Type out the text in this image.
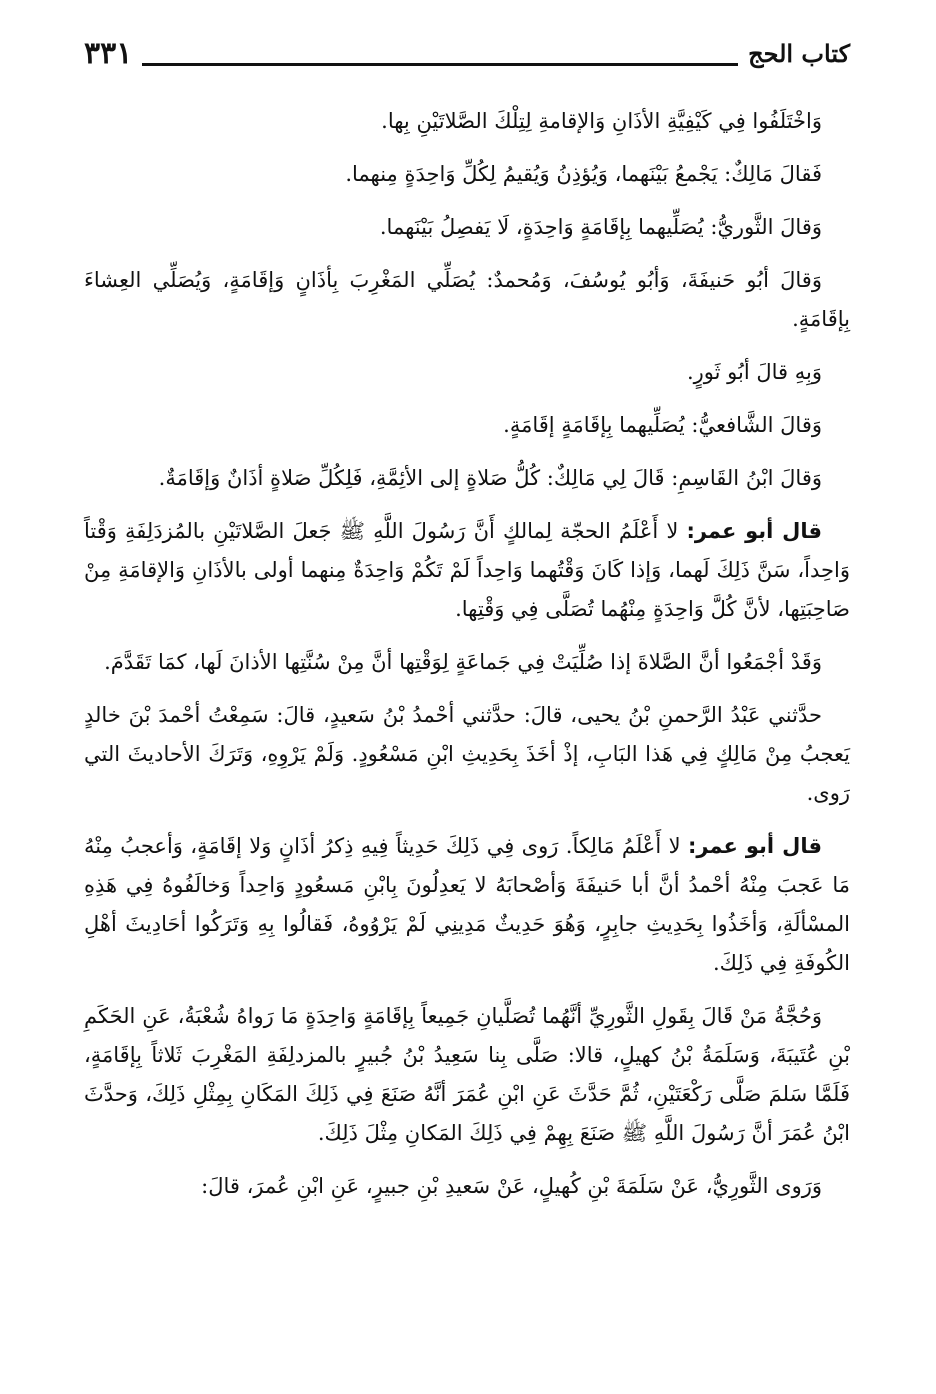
كتاب الحج
٣٣١

وَاخْتَلَفُوا فِي كَيْفِيَّةِ الأذَانِ وَالإقامةِ لِتِلْكَ الصَّلاتَيْنِ بِها.

فَقالَ مَالِكٌ: يَجْمعُ بَيْنَهما، وَيُؤذِنُ وَيُقيمُ لِكُلِّ وَاحِدَةٍ مِنهما.

وَقالَ الثَّوريُّ: يُصَلِّيهما بِإقَامَةٍ وَاحِدَةٍ، لَا يَفصِلُ بَيْنَهما.

وَقالَ أبُو حَنيفَةَ، وَأبُو يُوسُفَ، وَمُحمدٌ: يُصَلِّي المَغْرِبَ بِأذَانٍ وَإقَامَةٍ، وَيُصَلِّي العِشاءَ بِإقَامَةٍ.

وَبِهِ قالَ أبُو ثَورٍ.

وَقالَ الشَّافعيُّ: يُصَلِّيهما بِإقَامَةٍ إقَامَةٍ.

وَقالَ ابْنُ القَاسِمِ: قَالَ لِي مَالِكٌ: كُلُّ صَلاةٍ إلى الأئِمَّةِ، فَلِكُلِّ صَلاةٍ أذَانٌ وَإقَامَةٌ.

قال أبو عمر: لا أَعْلَمُ الحجّة لِمالكٍ أَنَّ رَسُولَ اللَّهِ ﷺ جَعلَ الصَّلاتَيْنِ بالمُزدَلِفَةِ وَقْتاً وَاحِداً، سَنَّ ذَلِكَ لَهما، وَإذا كَانَ وَقْتُهما وَاحِداً لَمْ تَكُمْ وَاحِدَةٌ مِنهما أولى بالأذَانِ وَالإقامَةِ مِنْ صَاحِبَتِها، لأنَّ كُلَّ وَاحِدَةٍ مِنْهُما تُصَلَّى فِي وَقْتِها.

وَقَدْ أجْمَعُوا أنَّ الصَّلاةَ إذا صُلِّيَتْ فِي جَماعَةٍ لِوَقْتِها أنَّ مِنْ سُنَّتِها الأذانَ لَها، كمَا تَقَدَّمَ.

حدَّثني عَبْدُ الرَّحمنِ بْنُ يحيى، قالَ: حدَّثني أحْمدُ بْنُ سَعيدٍ، قالَ: سَمِعْتُ أحْمدَ بْنَ خالدٍ يَعجبُ مِنْ مَالِكٍ فِي هَذا البَابِ، إذْ أخَذَ بِحَدِيثِ ابْنِ مَسْعُودٍ. وَلَمْ يَرْوِهِ، وَتَرَكَ الأحاديثَ التي رَوى.

قال أبو عمر: لا أَعْلَمُ مَالِكاً. رَوى فِي ذَلِكَ حَدِيثاً فِيهِ ذِكرُ أذَانٍ وَلا إقَامَةٍ، وَأعجبُ مِنْهُ مَا عَجبَ مِنْهُ أحْمدُ أنَّ أبا حَنيفَةَ وَأصْحابَهُ لا يَعدِلُونَ بِابْنِ مَسعُودٍ وَاحِداً وَخالَفُوهُ فِي هَذِهِ المسْألَةِ، وَأخَذُوا بِحَدِيثِ جابِرٍ، وَهُوَ حَدِيثٌ مَدِينِي لَمْ يَرْوُوهُ، فَقالُوا بِهِ وَتَرَكُوا أحَادِيثَ أهْلِ الكُوفَةِ فِي ذَلِكَ.

وَحُجَّةُ مَنْ قَالَ بِقَولِ الثَّورِيِّ أنَّهُما تُصَلَّيانِ جَمِيعاً بِإقَامَةٍ وَاحِدَةٍ مَا رَواهُ شُعْبَةُ، عَنِ الحَكَمِ بْنِ عُتَيبَةَ، وَسَلَمَةُ بْنُ كهيلٍ، قالا: صَلَّى بِنا سَعِيدُ بْنُ جُبيرٍ بالمزدلِفَةِ المَغْرِبَ ثَلاثاً بِإقَامَةٍ، فَلَمَّا سَلمَ صَلَّى رَكْعَتَيْنِ، ثُمَّ حَدَّثَ عَنِ ابْنِ عُمَرَ أنَّهُ صَنَعَ فِي ذَلِكَ المَكَانِ بِمِثْلِ ذَلِكَ، وَحدَّثَ ابْنُ عُمَرَ أنَّ رَسُولَ اللَّهِ ﷺ صَنَعَ بِهِمْ فِي ذَلِكَ المَكانِ مِثْلَ ذَلِكَ.

وَرَوى الثَّورِيُّ، عَنْ سَلَمَةَ بْنِ كُهيلٍ، عَنْ سَعيدِ بْنِ جبيرٍ، عَنِ ابْنِ عُمرَ، قالَ:
